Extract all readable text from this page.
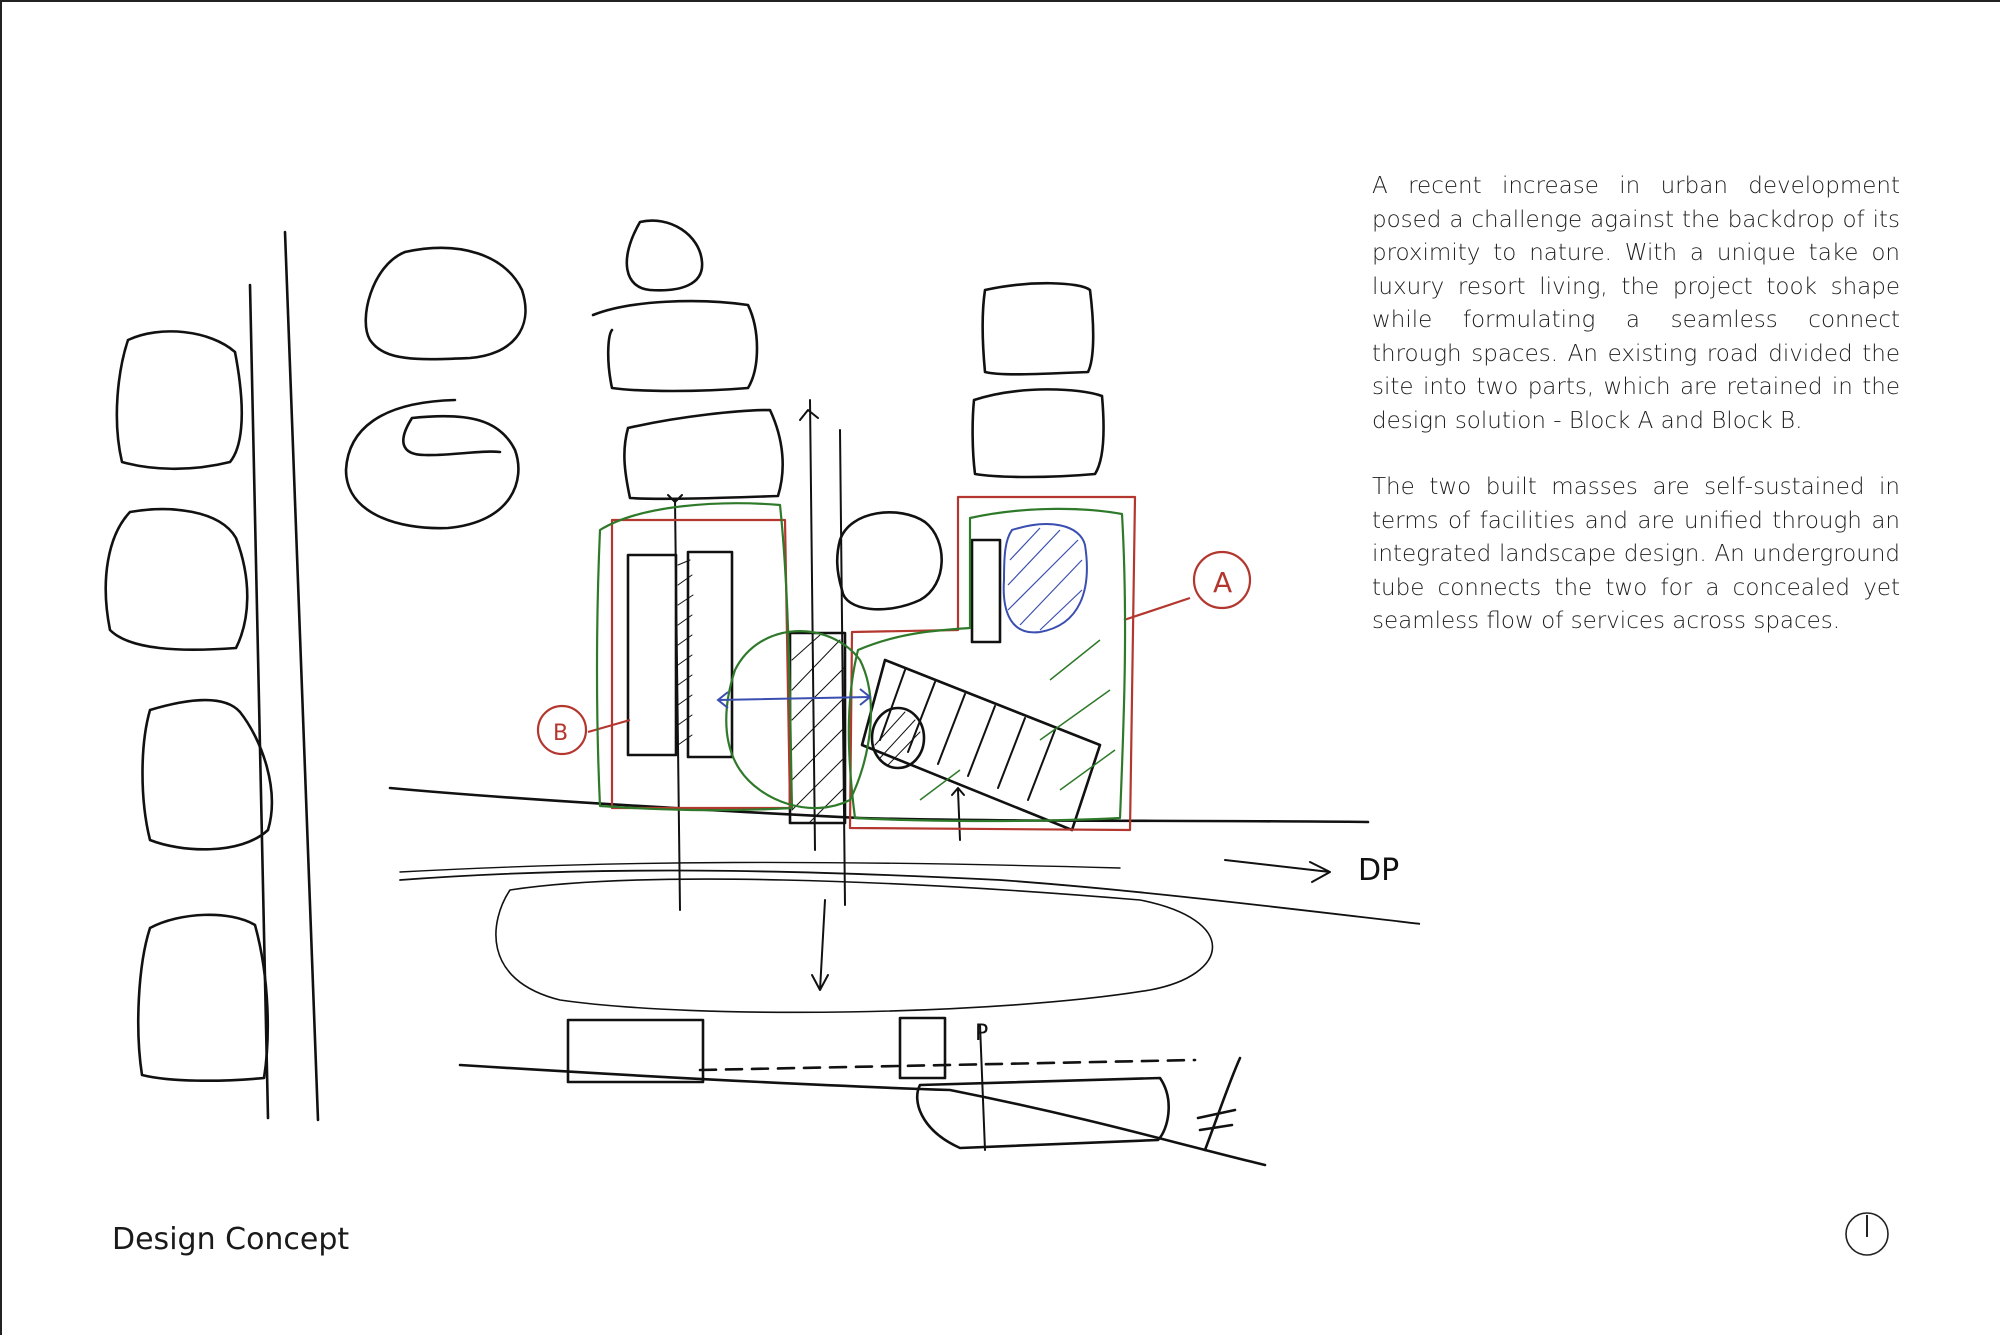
A
B
DP
P

A recent increase in urban development posed a challenge against the backdrop of its proximity to nature. With a unique take on luxury resort living, the project took shape while formulating a seamless connect through spaces. An existing road divided the site into two parts, which are retained in the design solution - Block A and Block B.

The two built masses are self-sustained in terms of facilities and are unified through an integrated landscape design. An underground tube connects the two for a concealed yet seamless flow of services across spaces.

Design Concept
